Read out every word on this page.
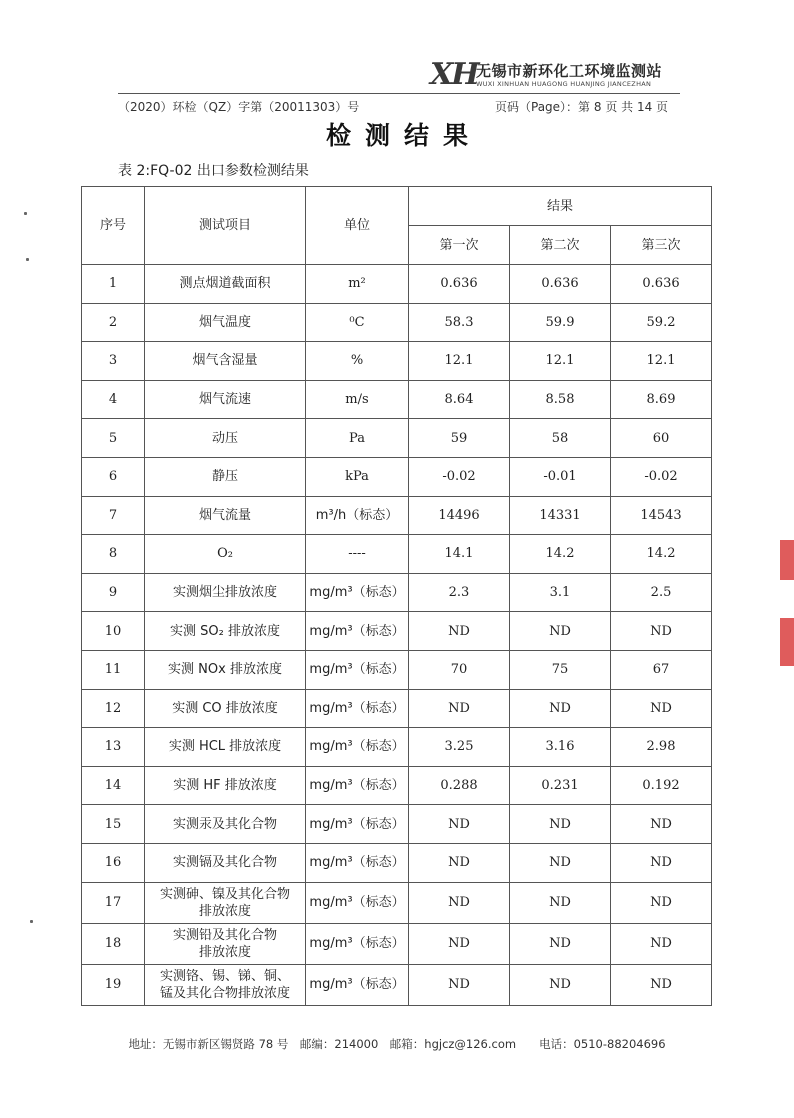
XH
无锡市新环化工环境监测站
WUXI XINHUAN HUAGONG HUANJING JIANCEZHAN
（2020）环检（QZ）字第（20011303）号	页码（Page）：第 8 页 共 14 页
检测结果
表 2:FQ-02 出口参数检测结果
序号	测试项目	单位	结果		
			第一次	第二次	第三次
1	测点烟道截面积	m²	0.636	0.636	0.636
2	烟气温度	⁰C	58.3	59.9	59.2
3	烟气含湿量	%	12.1	12.1	12.1
4	烟气流速	m/s	8.64	8.58	8.69
5	动压	Pa	59	58	60
6	静压	kPa	-0.02	-0.01	-0.02
7	烟气流量	m³/h（标态）	14496	14331	14543
8	O₂	----	14.1	14.2	14.2
9	实测烟尘排放浓度	mg/m³（标态）	2.3	3.1	2.5
10	实测 SO₂ 排放浓度	mg/m³（标态）	ND	ND	ND
11	实测 NOx 排放浓度	mg/m³（标态）	70	75	67
12	实测 CO 排放浓度	mg/m³（标态）	ND	ND	ND
13	实测 HCL 排放浓度	mg/m³（标态）	3.25	3.16	2.98
14	实测 HF 排放浓度	mg/m³（标态）	0.288	0.231	0.192
15	实测汞及其化合物	mg/m³（标态）	ND	ND	ND
16	实测镉及其化合物	mg/m³（标态）	ND	ND	ND
17	实测砷、镍及其化合物
排放浓度	mg/m³（标态）	ND	ND	ND
18	实测铅及其化合物
排放浓度	mg/m³（标态）	ND	ND	ND
19	实测铬、锡、锑、铜、
锰及其化合物排放浓度	mg/m³（标态）	ND	ND	ND
地址：无锡市新区锡贤路 78 号　邮编：214000　邮箱：hgjcz@126.com　　电话：0510-88204696
